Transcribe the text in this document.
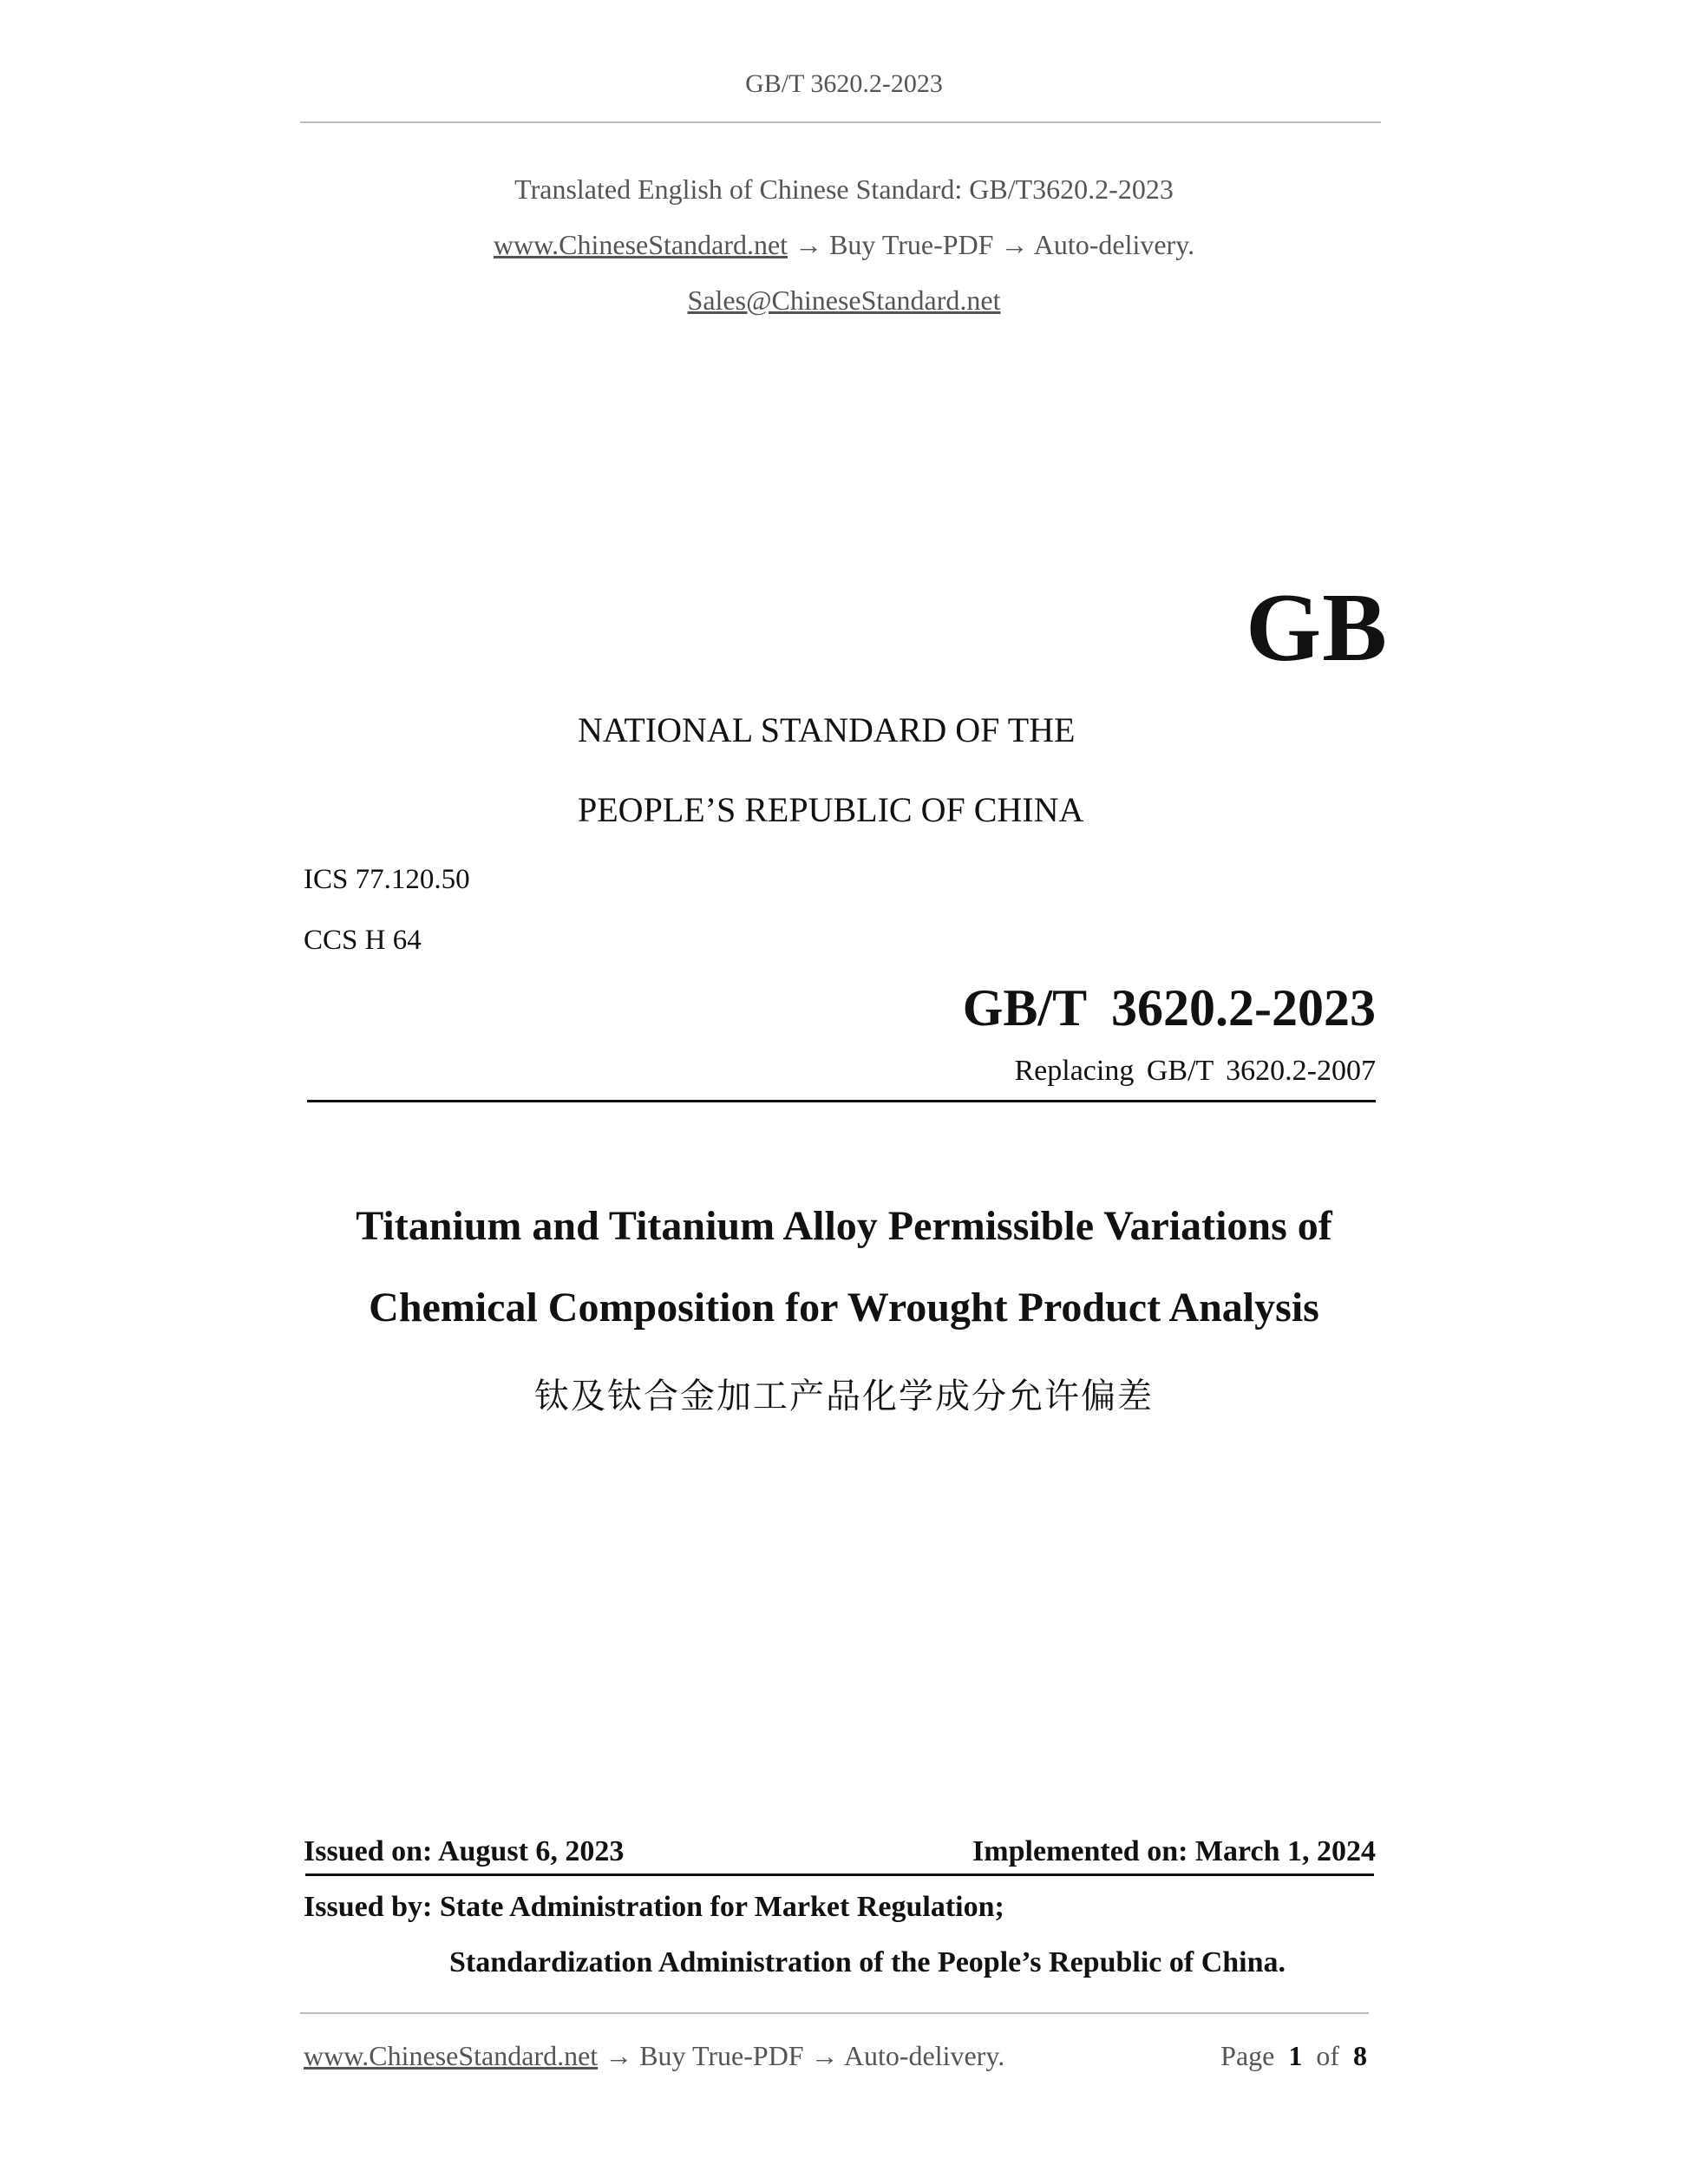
GB/T 3620.2-2023
Translated English of Chinese Standard: GB/T3620.2-2023
www.ChineseStandard.net → Buy True-PDF → Auto-delivery.
Sales@ChineseStandard.net
GB
NATIONAL STANDARD OF THE
PEOPLE’S REPUBLIC OF CHINA
ICS 77.120.50
CCS H 64
GB/T 3620.2-2023
Replacing GB/T 3620.2-2007
Titanium and Titanium Alloy Permissible Variations of
Chemical Composition for Wrought Product Analysis
钛及钛合金加工产品化学成分允许偏差
Issued on: August 6, 2023	Implemented on: March 1, 2024
Issued by: State Administration for Market Regulation;
Standardization Administration of the People’s Republic of China.
www.ChineseStandard.net → Buy True-PDF → Auto-delivery.	Page 1 of 8
